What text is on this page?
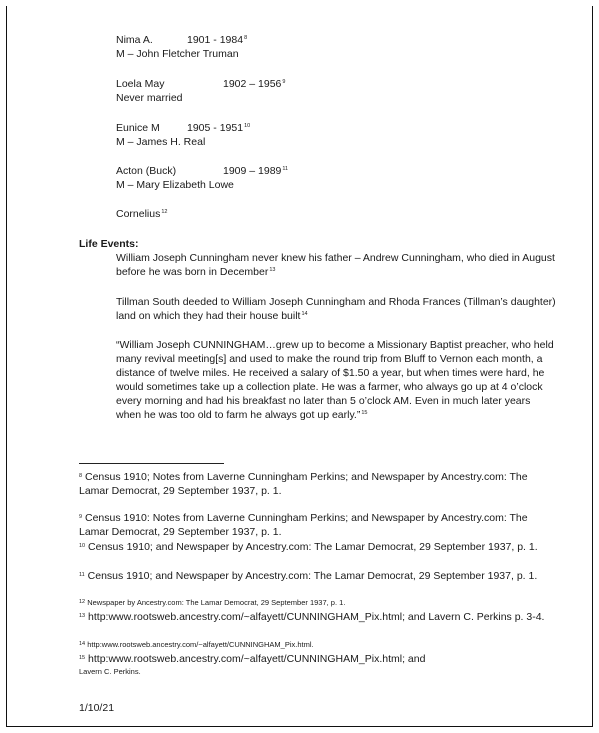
Nima A.	1901 - 1984$^8$
M – John Fletcher Truman
Loela May	1902 – 1956$^9$
Never married
Eunice M	1905 - 1951$^{10}$
M – James H. Real
Acton (Buck)	1909 – 1989$^{11}$
M – Mary Elizabeth Lowe
Cornelius$^{12}$
Life Events:
William Joseph Cunningham never knew his father – Andrew Cunningham, who died in August before he was born in December$^{13}$
Tillman South deeded to William Joseph Cunningham and Rhoda Frances (Tillman’s daughter) land on which they had their house built$^{14}$
“William Joseph CUNNINGHAM…grew up to become a Missionary Baptist preacher, who held many revival meeting[s] and used to make the round trip from Bluff to Vernon each month, a distance of twelve miles. He received a salary of $1.50 a year, but when times were hard, he would sometimes take up a collection plate. He was a farmer, who always go up at 4 o’clock every morning and had his breakfast no later than 5 o’clock AM. Even in much later years when he was too old to farm he always got up early.”$^{15}$
$^8$ Census 1910; Notes from Laverne Cunningham Perkins; and Newspaper by Ancestry.com: The Lamar Democrat, 29 September 1937, p. 1.
$^9$ Census 1910: Notes from Laverne Cunningham Perkins; and Newspaper by Ancestry.com: The Lamar Democrat, 29 September 1937, p. 1.
$^{10}$ Census 1910; and Newspaper by Ancestry.com: The Lamar Democrat, 29 September 1937, p. 1.
$^{11}$ Census 1910; and Newspaper by Ancestry.com: The Lamar Democrat, 29 September 1937, p. 1.
$^{12}$ Newspaper by Ancestry.com: The Lamar Democrat, 29 September 1937, p. 1.
$^{13}$ http:www.rootsweb.ancestry.com/~alfayett/CUNNINGHAM_Pix.html; and Lavern C. Perkins p. 3-4.
$^{14}$ http:www.rootsweb.ancestry.com/~alfayett/CUNNINGHAM_Pix.html.
$^{15}$ http:www.rootsweb.ancestry.com/~alfayett/CUNNINGHAM_Pix.html; and
Lavern C. Perkins.
1/10/21
